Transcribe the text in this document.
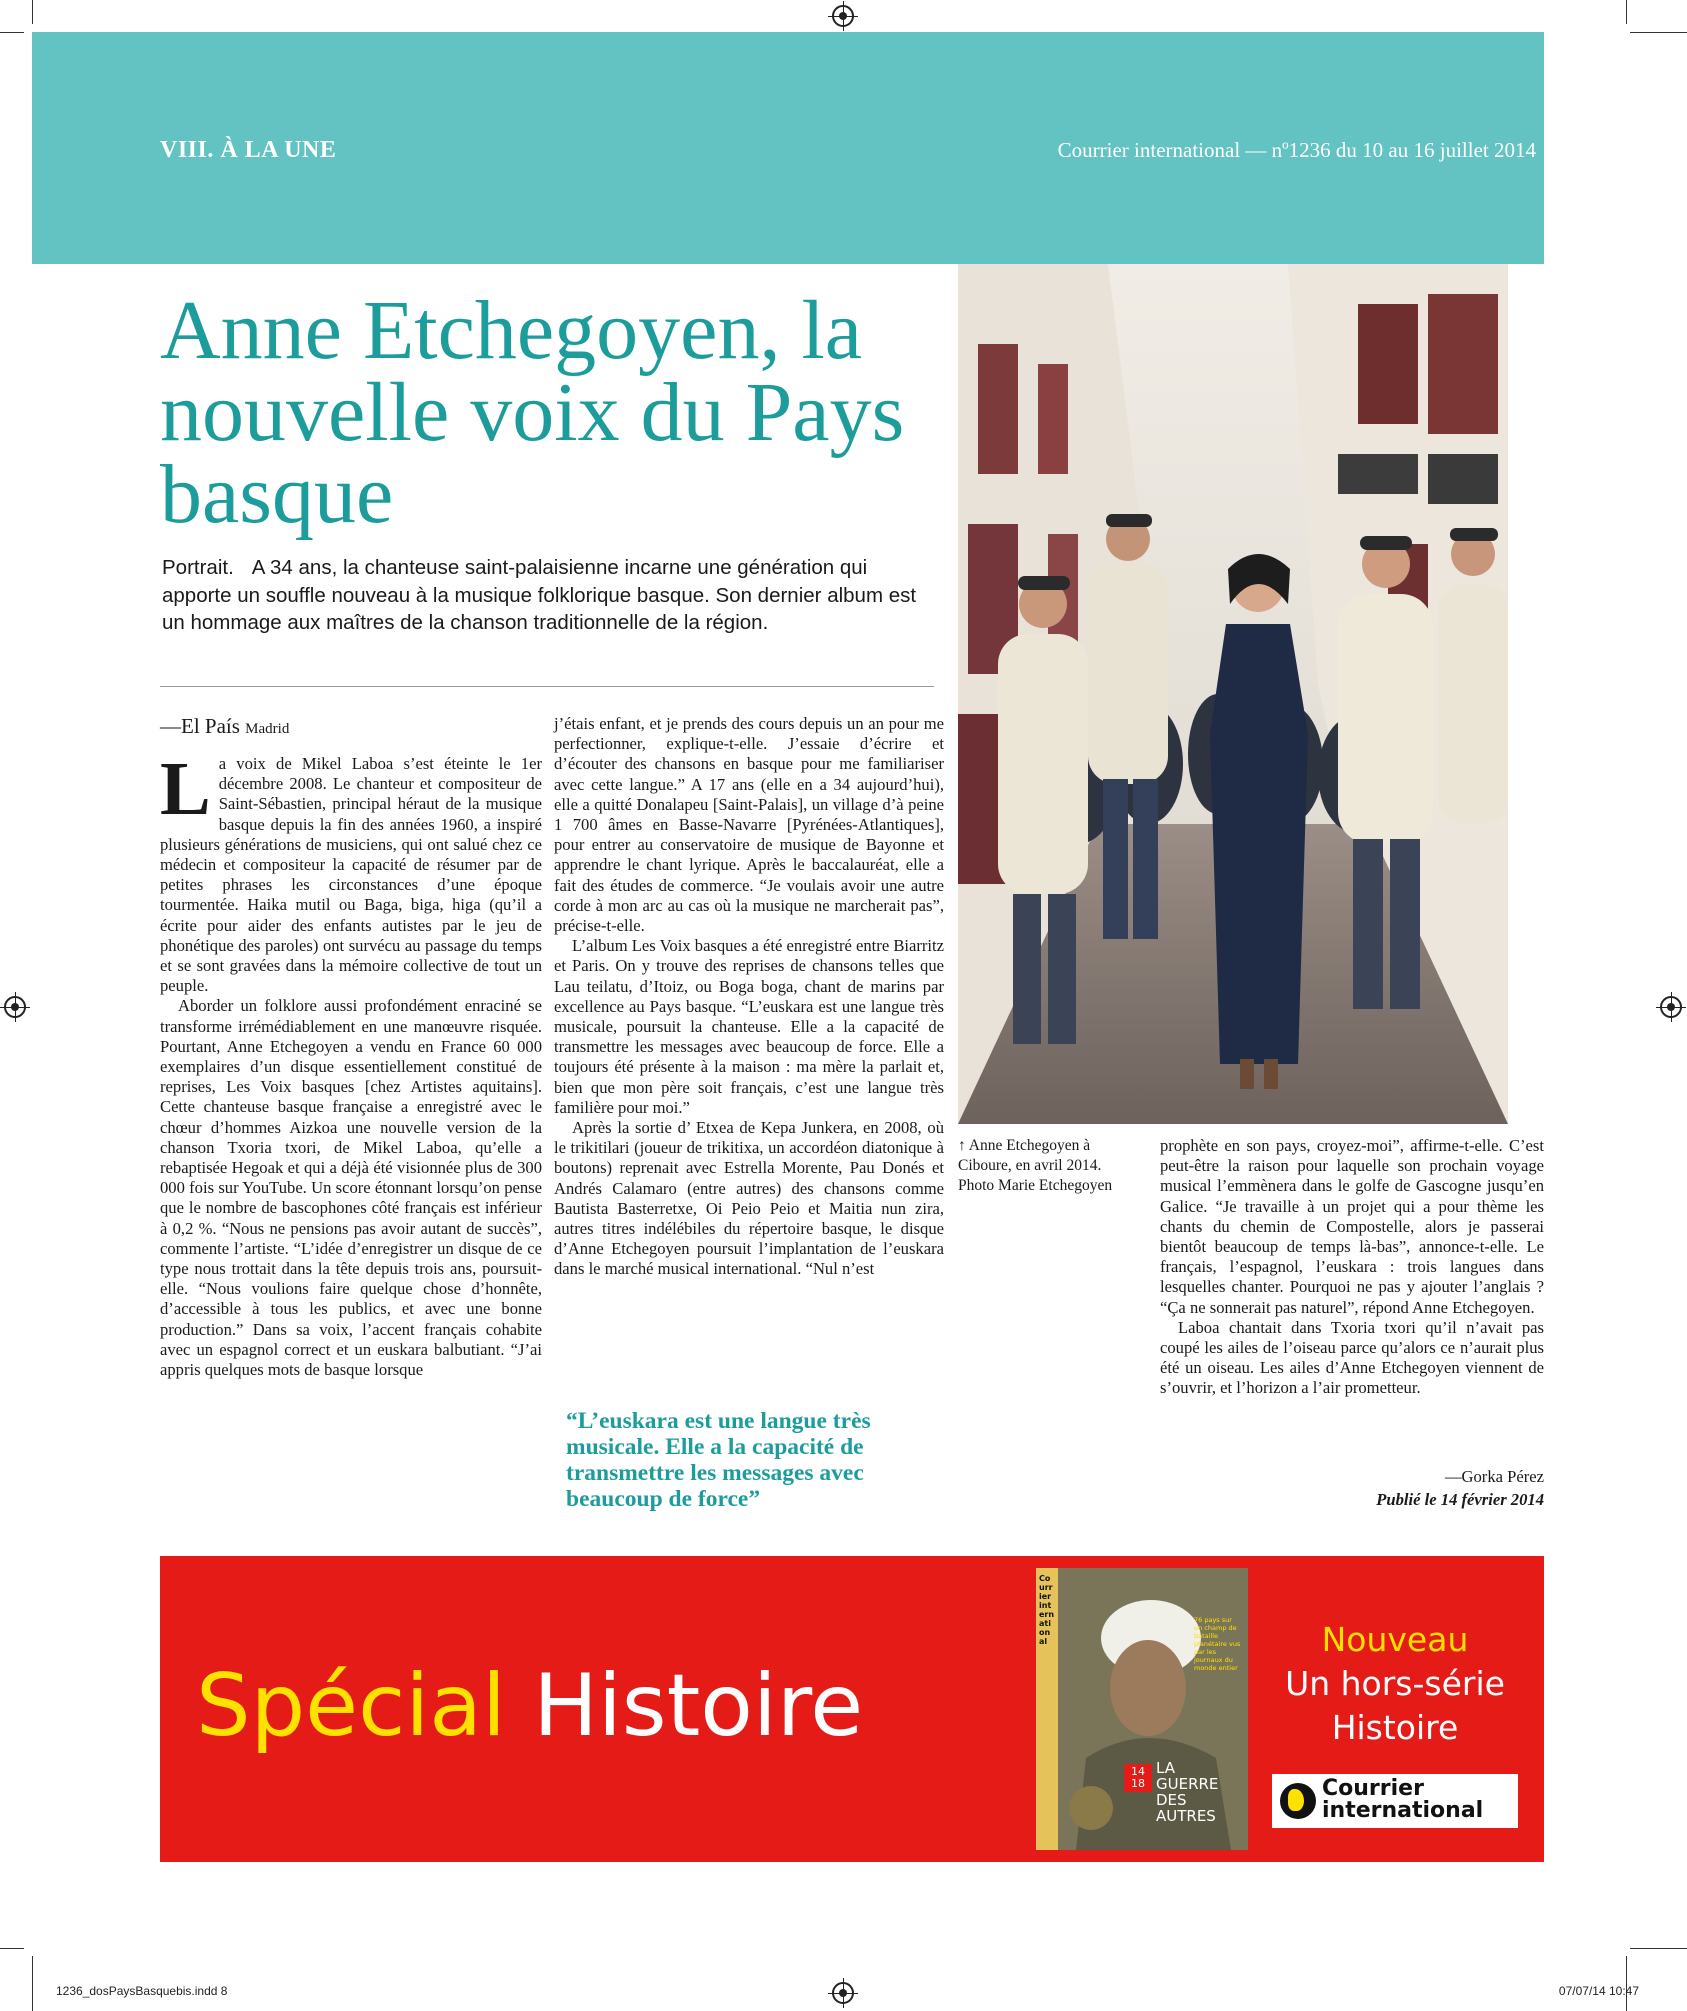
VIII. À LA UNE	Courrier international — nº1236 du 10 au 16 juillet 2014
Anne Etchegoyen, la nouvelle voix du Pays basque
Portrait. A 34 ans, la chanteuse saint-palaisienne incarne une génération qui apporte un souffle nouveau à la musique folklorique basque. Son dernier album est un hommage aux maîtres de la chanson traditionnelle de la région.
—El País Madrid

La voix de Mikel Laboa s’est éteinte le 1er décembre 2008. Le chanteur et compositeur de Saint-Sébastien, principal héraut de la musique basque depuis la fin des années 1960, a inspiré plusieurs générations de musiciens, qui ont salué chez ce médecin et compositeur la capacité de résumer par de petites phrases les circonstances d’une époque tourmentée. Haika mutil ou Baga, biga, higa (qu’il a écrite pour aider des enfants autistes par le jeu de phonétique des paroles) ont survécu au passage du temps et se sont gravées dans la mémoire collective de tout un peuple.

Aborder un folklore aussi profondément enraciné se transforme irrémédiablement en une manœuvre risquée. Pourtant, Anne Etchegoyen a vendu en France 60 000 exemplaires d’un disque essentiellement constitué de reprises, Les Voix basques [chez Artistes aquitains]. Cette chanteuse basque française a enregistré avec le chœur d’hommes Aizkoa une nouvelle version de la chanson Txoria txori, de Mikel Laboa, qu’elle a rebaptisée Hegoak et qui a déjà été visionnée plus de 300 000 fois sur YouTube. Un score étonnant lorsqu’on pense que le nombre de bascophones côté français est inférieur à 0,2 %. “Nous ne pensions pas avoir autant de succès”, commente l’artiste. “L’idée d’enregistrer un disque de ce type nous trottait dans la tête depuis trois ans, poursuit-elle. “Nous voulions faire quelque chose d’honnête, d’accessible à tous les publics, et avec une bonne production.” Dans sa voix, l’accent français cohabite avec un espagnol correct et un euskara balbutiant. “J’ai appris quelques mots de basque lorsque

j’étais enfant, et je prends des cours depuis un an pour me perfectionner, explique-t-elle. J’essaie d’écrire et d’écouter des chansons en basque pour me familiariser avec cette langue.” A 17 ans (elle en a 34 aujourd’hui), elle a quitté Donalapeu [Saint-Palais], un village d’à peine 1 700 âmes en Basse-Navarre [Pyrénées-Atlantiques], pour entrer au conservatoire de musique de Bayonne et apprendre le chant lyrique. Après le baccalauréat, elle a fait des études de commerce. “Je voulais avoir une autre corde à mon arc au cas où la musique ne marcherait pas”, précise-t-elle.

L’album Les Voix basques a été enregistré entre Biarritz et Paris. On y trouve des reprises de chansons telles que Lau teilatu, d’Itoiz, ou Boga boga, chant de marins par excellence au Pays basque. “L’euskara est une langue très musicale, poursuit la chanteuse. Elle a la capacité de transmettre les messages avec beaucoup de force. Elle a toujours été présente à la maison : ma mère la parlait et, bien que mon père soit français, c’est une langue très familière pour moi.”

Après la sortie d’ Etxea de Kepa Junkera, en 2008, où le trikitilari (joueur de trikitixa, un accordéon diatonique à boutons) reprenait avec Estrella Morente, Pau Donés et Andrés Calamaro (entre autres) des chansons comme Bautista Basterretxe, Oi Peio Peio et Maitia nun zira, autres titres indélébiles du répertoire basque, le disque d’Anne Etchegoyen poursuit l’implantation de l’euskara dans le marché musical international. “Nul n’est

“L’euskara est une langue très musicale. Elle a la capacité de transmettre les messages avec beaucoup de force”
↑ Anne Etchegoyen à Ciboure, en avril 2014. Photo Marie Etchegoyen

prophète en son pays, croyez-moi”, affirme-t-elle. C’est peut-être la raison pour laquelle son prochain voyage musical l’emmènera dans le golfe de Gascogne jusqu’en Galice. “Je travaille à un projet qui a pour thème les chants du chemin de Compostelle, alors je passerai bientôt beaucoup de temps là-bas”, annonce-t-elle. Le français, l’espagnol, l’euskara : trois langues dans lesquelles chanter. Pourquoi ne pas y ajouter l’anglais ? “Ça ne sonnerait pas naturel”, répond Anne Etchegoyen.

Laboa chantait dans Txoria txori qu’il n’avait pas coupé les ailes de l’oiseau parce qu’alors ce n’aurait plus été un oiseau. Les ailes d’Anne Etchegoyen viennent de s’ouvrir, et l’horizon a l’air prometteur.

—Gorka Pérez
Publié le 14 février 2014
Spécial Histoire
Courrier international
76 pays sur un champ de bataille planétaire vus par les journaux du monde entier
14 18
LA GUERRE DES AUTRES
Nouveau
Un hors-série
Histoire
Courrier
international
1236_dosPaysBasquebis.indd 8	07/07/14 10:47
